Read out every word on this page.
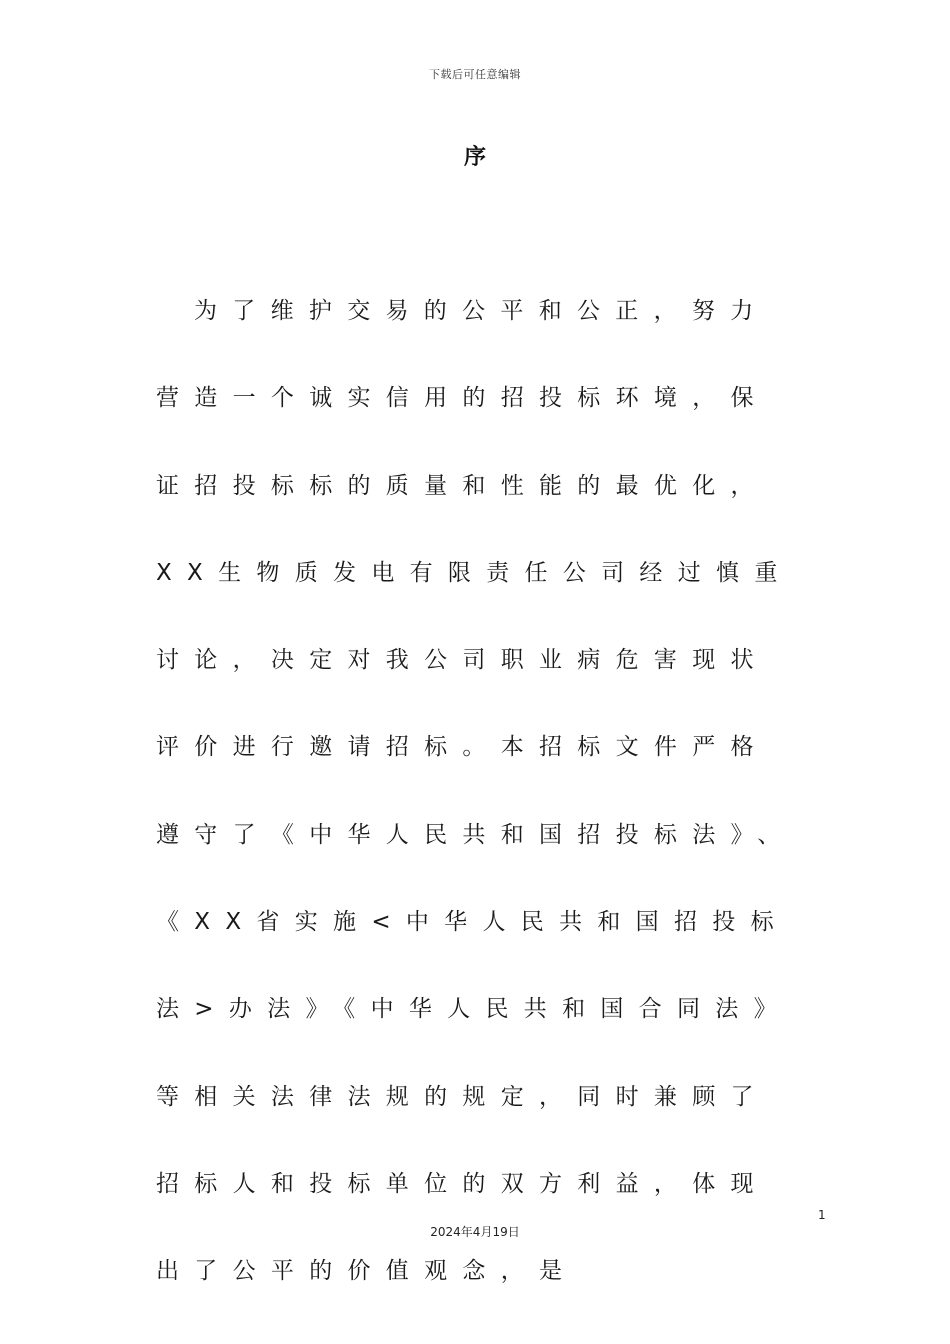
下载后可任意编辑
序

为了维护交易的公平和公正，努力营造一个诚实信用的招投标环境，保证招投标标的质量和性能的最优化，XX生物质发电有限责任公司经过慎重讨论，决定对我公司职业病危害现状评价进行邀请招标。本招标文件严格遵守了《中华人民共和国招投标法》、《XX省实施<中华人民共和国招投标法>办法》《中华人民共和国合同法》等相关法律法规的规定，同时兼顾了招标人和投标单位的双方利益，体现出了公平的价值观念，是

1
2024年4月19日
